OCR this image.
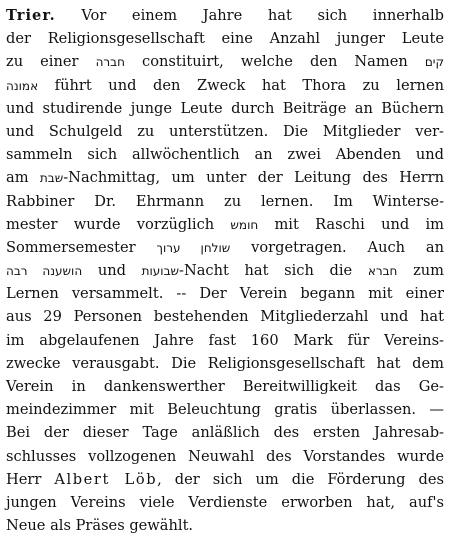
Trier. Vor einem Jahre hat sich innerhalb
der Religionsgesellschaft eine Anzahl junger Leute
zu einer חברה constituirt, welche den Namen קים
אמונה führt und den Zweck hat Thora zu lernen
und studirende junge Leute durch Beiträge an Büchern
und Schulgeld zu unterstützen. Die Mitglieder ver-
sammeln sich allwöchentlich an zwei Abenden und
am שבת-Nachmittag, um unter der Leitung des Herrn
Rabbiner Dr. Ehrmann zu lernen. Im Winterse-
mester wurde vorzüglich חומש mit Raschi und im
Sommersemester שולחן ערוך vorgetragen. Auch an
הושענה רבה und שבועות-Nacht hat sich die חברא zum
Lernen versammelt. -- Der Verein begann mit einer
aus 29 Personen bestehenden Mitgliederzahl und hat
im abgelaufenen Jahre fast 160 Mark für Vereins-
zwecke verausgabt. Die Religionsgesellschaft hat dem
Verein in dankenswerther Bereitwilligkeit das Ge-
meindezimmer mit Beleuchtung gratis überlassen. —
Bei der dieser Tage anläßlich des ersten Jahresab-
schlusses vollzogenen Neuwahl des Vorstandes wurde
Herr Albert Löb, der sich um die Förderung des
jungen Vereins viele Verdienste erworben hat, auf's
Neue als Präses gewählt.
